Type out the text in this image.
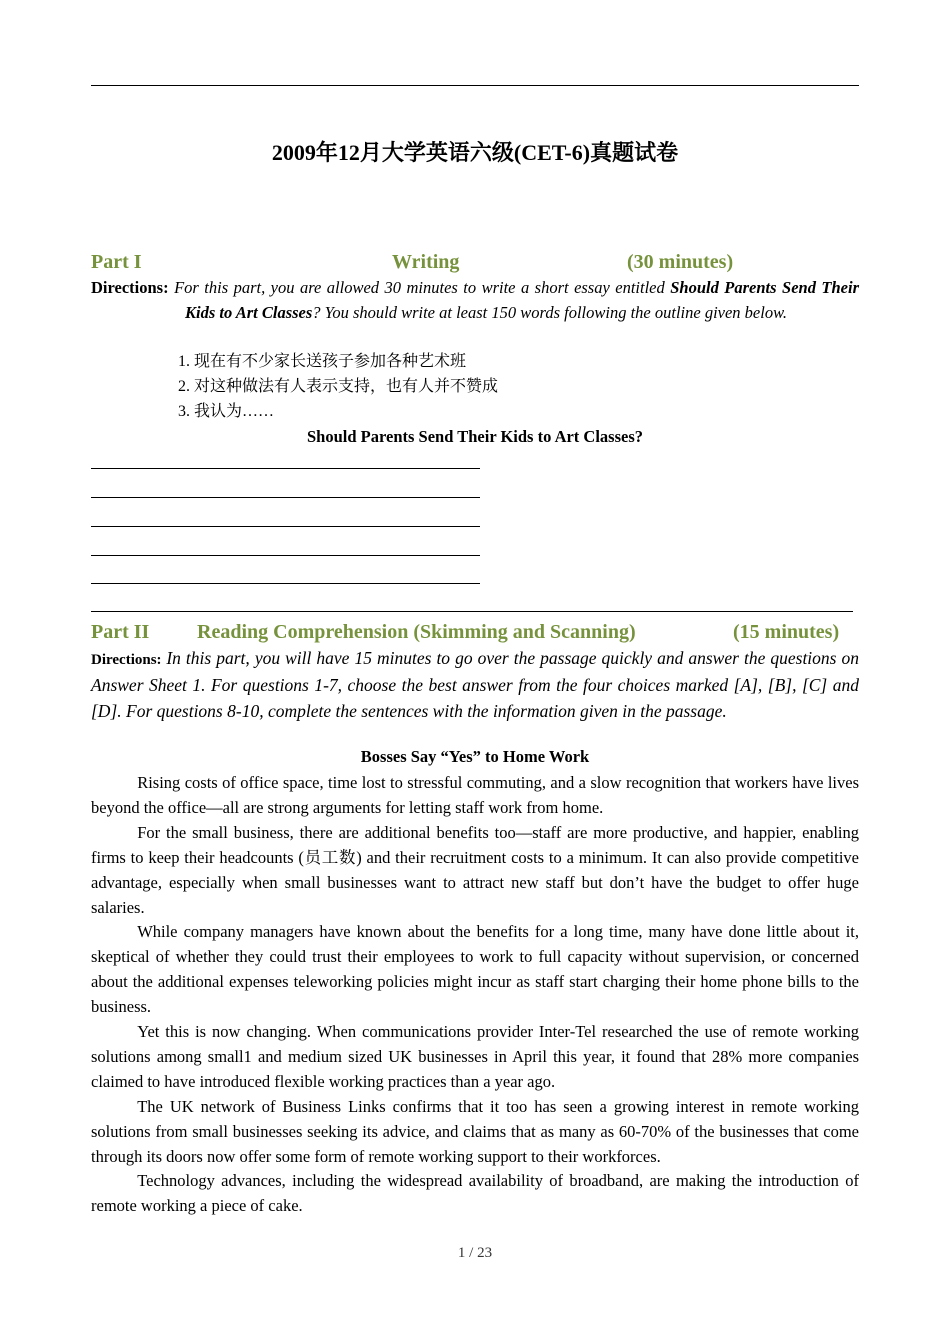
2009年12月大学英语六级(CET-6)真题试卷
Part I	Writing	(30 minutes)
Directions: For this part, you are allowed 30 minutes to write a short essay entitled Should Parents Send Their Kids to Art Classes? You should write at least 150 words following the outline given below.
1. 现在有不少家长送孩子参加各种艺术班
2. 对这种做法有人表示支持，也有人并不赞成
3. 我认为……
Should Parents Send Their Kids to Art Classes?
Part II Reading Comprehension (Skimming and Scanning)	(15 minutes)
Directions: In this part, you will have 15 minutes to go over the passage quickly and answer the questions on Answer Sheet 1. For questions 1-7, choose the best answer from the four choices marked [A], [B], [C] and [D]. For questions 8-10, complete the sentences with the information given in the passage.
Bosses Say “Yes” to Home Work
Rising costs of office space, time lost to stressful commuting, and a slow recognition that workers have lives beyond the office—all are strong arguments for letting staff work from home.
For the small business, there are additional benefits too—staff are more productive, and happier, enabling firms to keep their headcounts (员工数) and their recruitment costs to a minimum. It can also provide competitive advantage, especially when small businesses want to attract new staff but don’t have the budget to offer huge salaries.
While company managers have known about the benefits for a long time, many have done little about it, skeptical of whether they could trust their employees to work to full capacity without supervision, or concerned about the additional expenses teleworking policies might incur as staff start charging their home phone bills to the business.
Yet this is now changing. When communications provider Inter-Tel researched the use of remote working solutions among small1 and medium sized UK businesses in April this year, it found that 28% more companies claimed to have introduced flexible working practices than a year ago.
The UK network of Business Links confirms that it too has seen a growing interest in remote working solutions from small businesses seeking its advice, and claims that as many as 60-70% of the businesses that come through its doors now offer some form of remote working support to their workforces.
Technology advances, including the widespread availability of broadband, are making the introduction of remote working a piece of cake.
1 / 23
